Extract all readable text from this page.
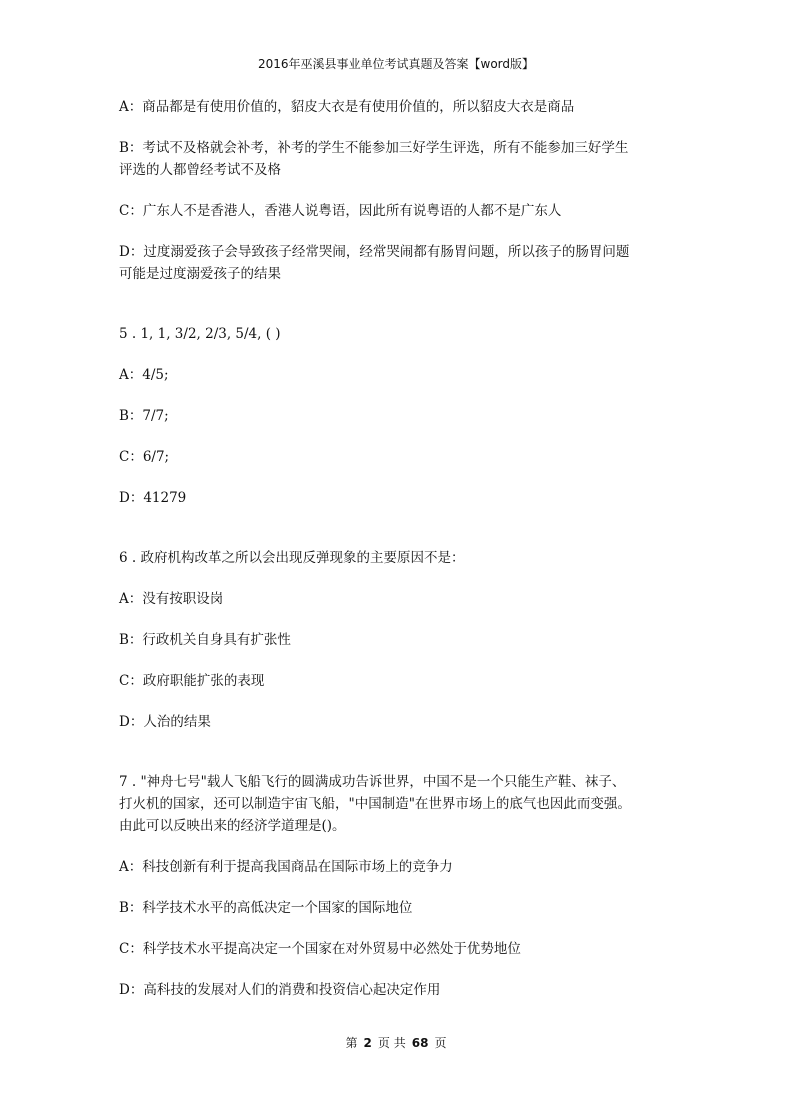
2016年巫溪县事业单位考试真题及答案【word版】
A：商品都是有使用价值的，貂皮大衣是有使用价值的，所以貂皮大衣是商品
B：考试不及格就会补考，补考的学生不能参加三好学生评选，所有不能参加三好学生
评选的人都曾经考试不及格
C：广东人不是香港人，香港人说粤语，因此所有说粤语的人都不是广东人
D：过度溺爱孩子会导致孩子经常哭闹，经常哭闹都有肠胃问题，所以孩子的肠胃问题
可能是过度溺爱孩子的结果
5 . 1, 1, 3/2, 2/3, 5/4, ( )
A：4/5;
B：7/7;
C：6/7;
D：41279
6 . 政府机构改革之所以会出现反弹现象的主要原因不是：
A：没有按职设岗
B：行政机关自身具有扩张性
C：政府职能扩张的表现
D：人治的结果
7 . "神舟七号"载人飞船飞行的圆满成功告诉世界，中国不是一个只能生产鞋、袜子、
打火机的国家，还可以制造宇宙飞船，"中国制造"在世界市场上的底气也因此而变强。
由此可以反映出来的经济学道理是()。
A：科技创新有利于提高我国商品在国际市场上的竞争力
B：科学技术水平的高低决定一个国家的国际地位
C：科学技术水平提高决定一个国家在对外贸易中必然处于优势地位
D：高科技的发展对人们的消费和投资信心起决定作用
第 2 页 共 68 页
